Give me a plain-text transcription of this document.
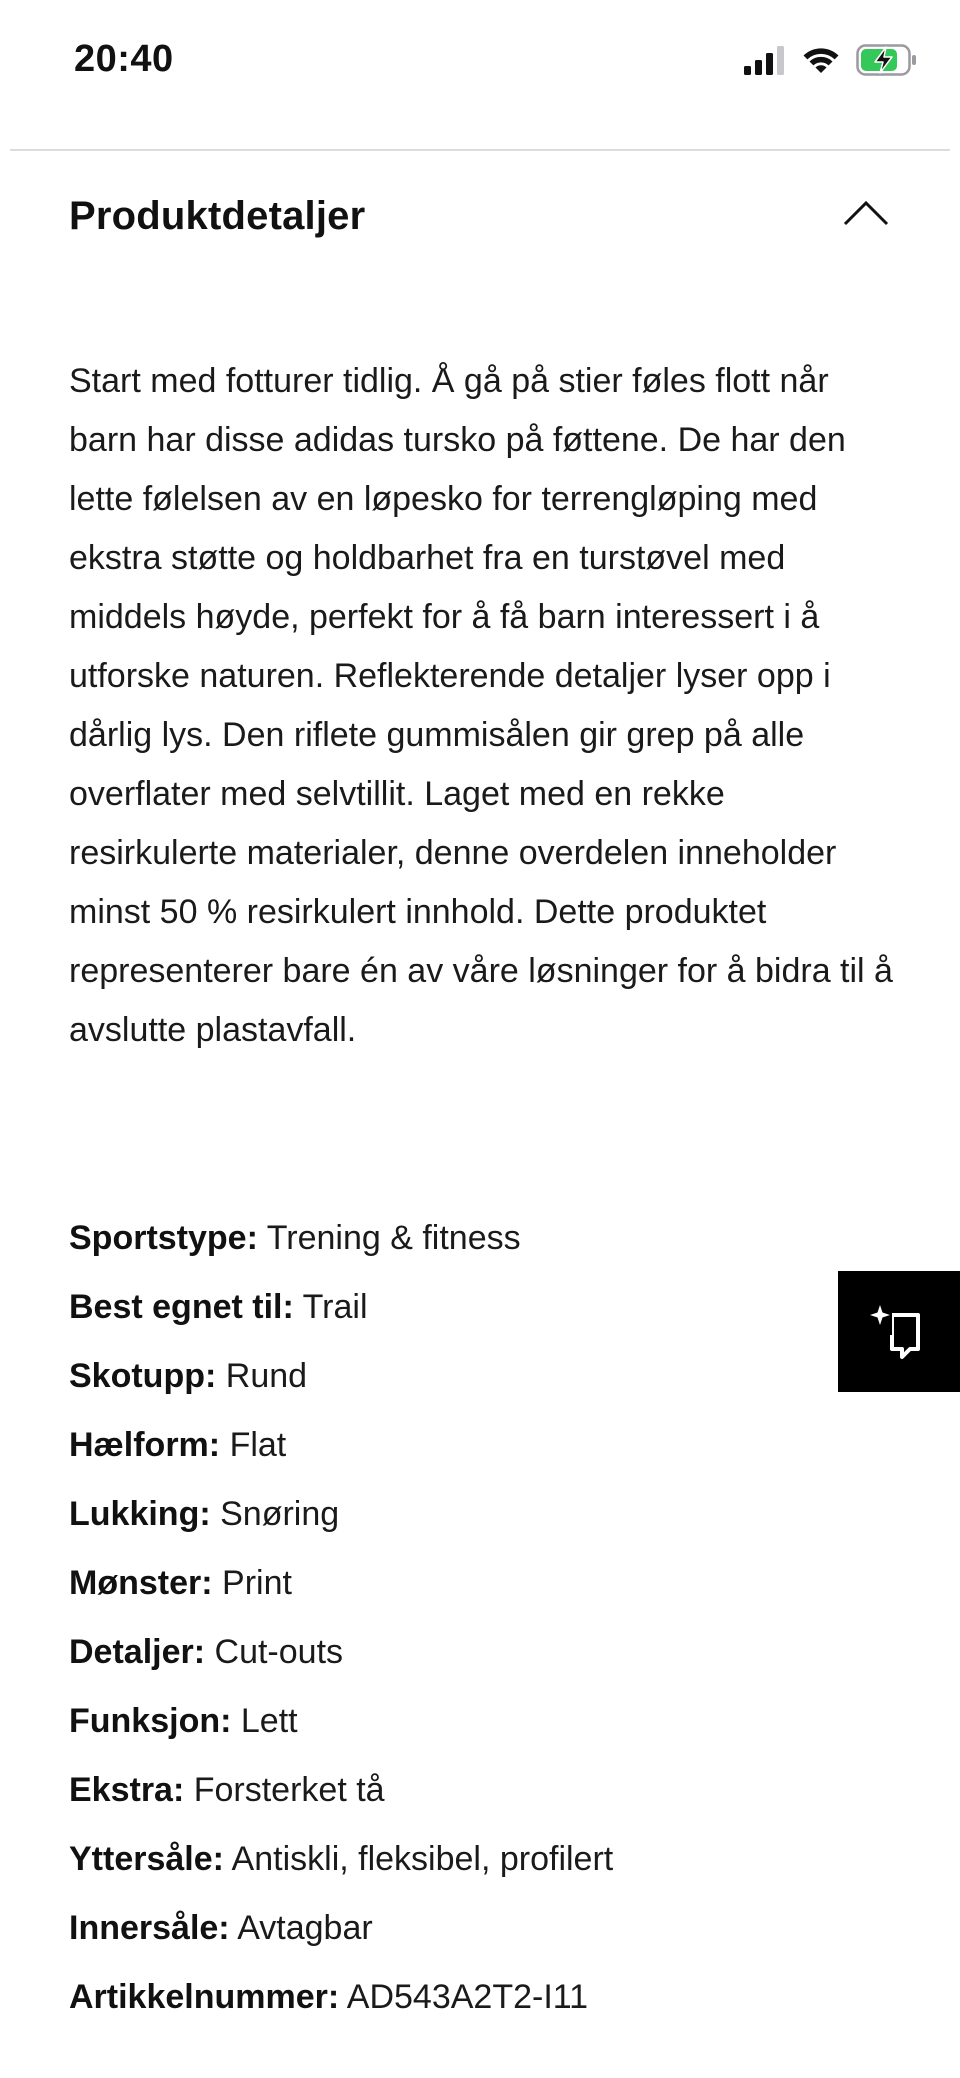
20:40
Produktdetaljer

Start med fotturer tidlig. Å gå på stier føles flott når barn har disse adidas tursko på føttene. De har den lette følelsen av en løpesko for terrengløping med ekstra støtte og holdbarhet fra en turstøvel med middels høyde, perfekt for å få barn interessert i å utforske naturen. Reflekterende detaljer lyser opp i dårlig lys. Den riflete gummisålen gir grep på alle overflater med selvtillit. Laget med en rekke resirkulerte materialer, denne overdelen inneholder minst 50 % resirkulert innhold. Dette produktet representerer bare én av våre løsninger for å bidra til å avslutte plastavfall.

Sportstype: Trening & fitness
Best egnet til: Trail
Skotupp: Rund
Hælform: Flat
Lukking: Snøring
Mønster: Print
Detaljer: Cut-outs
Funksjon: Lett
Ekstra: Forsterket tå
Yttersåle: Antiskli, fleksibel, profilert
Innersåle: Avtagbar
Artikkelnummer: AD543A2T2-I11
